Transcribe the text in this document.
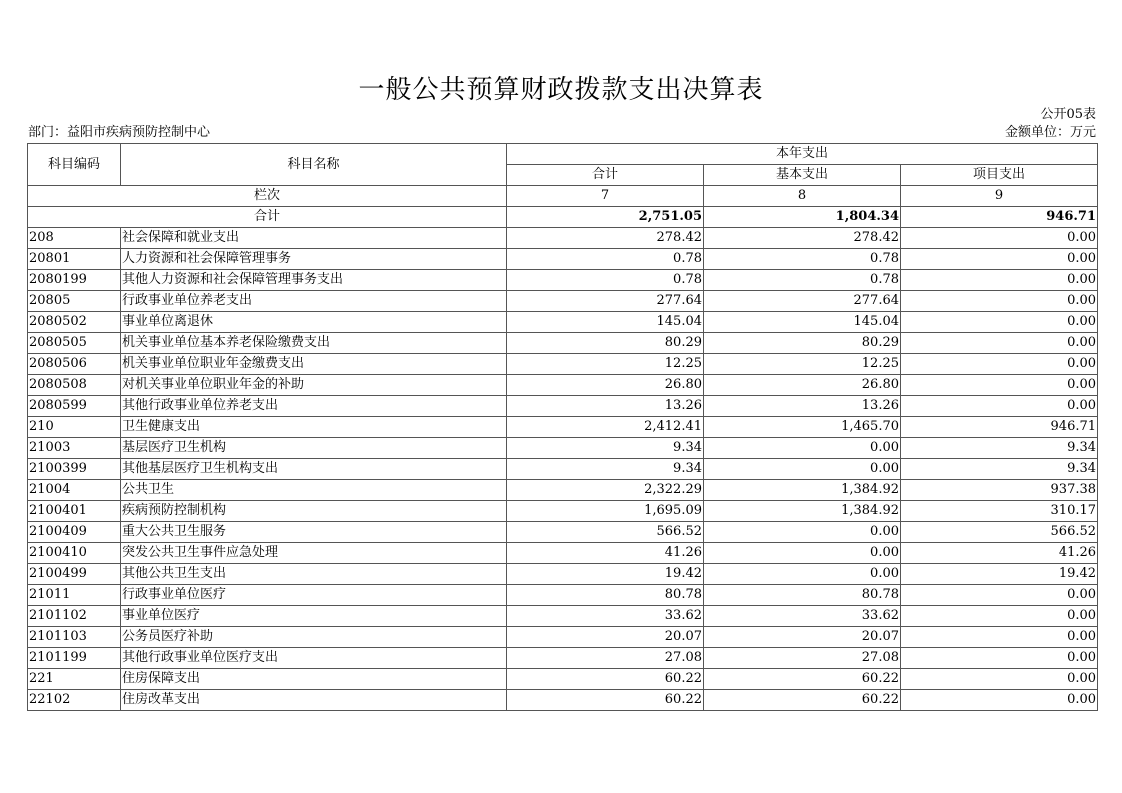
一般公共预算财政拨款支出决算表
公开05表
部门：益阳市疾病预防控制中心	金额单位：万元
科目编码	科目名称	本年支出		
		合计	基本支出	项目支出
栏次		7	8	9
合计		2,751.05	1,804.34	946.71
208	社会保障和就业支出	278.42	278.42	0.00
20801	人力资源和社会保障管理事务	0.78	0.78	0.00
2080199	其他人力资源和社会保障管理事务支出	0.78	0.78	0.00
20805	行政事业单位养老支出	277.64	277.64	0.00
2080502	事业单位离退休	145.04	145.04	0.00
2080505	机关事业单位基本养老保险缴费支出	80.29	80.29	0.00
2080506	机关事业单位职业年金缴费支出	12.25	12.25	0.00
2080508	对机关事业单位职业年金的补助	26.80	26.80	0.00
2080599	其他行政事业单位养老支出	13.26	13.26	0.00
210	卫生健康支出	2,412.41	1,465.70	946.71
21003	基层医疗卫生机构	9.34	0.00	9.34
2100399	其他基层医疗卫生机构支出	9.34	0.00	9.34
21004	公共卫生	2,322.29	1,384.92	937.38
2100401	疾病预防控制机构	1,695.09	1,384.92	310.17
2100409	重大公共卫生服务	566.52	0.00	566.52
2100410	突发公共卫生事件应急处理	41.26	0.00	41.26
2100499	其他公共卫生支出	19.42	0.00	19.42
21011	行政事业单位医疗	80.78	80.78	0.00
2101102	事业单位医疗	33.62	33.62	0.00
2101103	公务员医疗补助	20.07	20.07	0.00
2101199	其他行政事业单位医疗支出	27.08	27.08	0.00
221	住房保障支出	60.22	60.22	0.00
22102	住房改革支出	60.22	60.22	0.00
